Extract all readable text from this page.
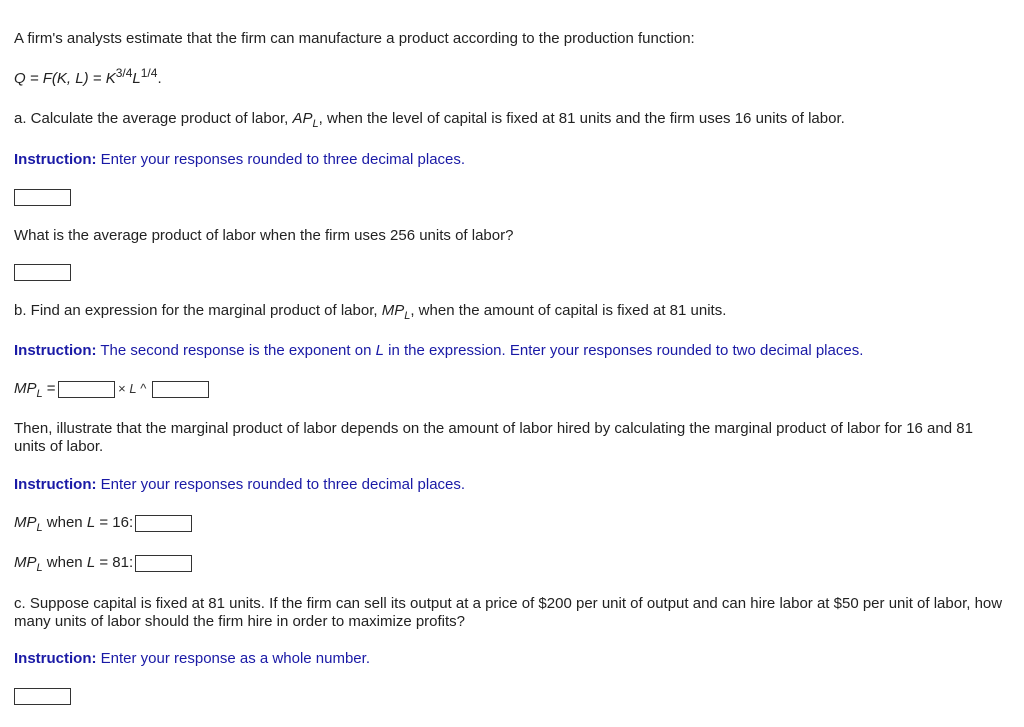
A firm's analysts estimate that the firm can manufacture a product according to the production function:
Q = F(K, $L) = K^{3/4}L^{1/4}$.
a. Calculate the average product of labor, $AP_L$, when the level of capital is fixed at 81 units and the firm uses 16 units of labor.
Instruction: Enter your responses rounded to three decimal places.
What is the average product of labor when the firm uses 256 units of labor?
b. Find an expression for the marginal product of labor, $MP_L$, when the amount of capital is fixed at 81 units.
Instruction: The second response is the exponent on L in the expression. Enter your responses rounded to two decimal places.
$MP_L$ =	× L ^
Then, illustrate that the marginal product of labor depends on the amount of labor hired by calculating the marginal product of labor for 16 and 81 units of labor.
Instruction: Enter your responses rounded to three decimal places.
$MP_L$ when L = 16:
$MP_L$ when L = 81:
c. Suppose capital is fixed at 81 units. If the firm can sell its output at a price of $200 per unit of output and can hire labor at $50 per unit of labor, how many units of labor should the firm hire in order to maximize profits?
Instruction: Enter your response as a whole number.
